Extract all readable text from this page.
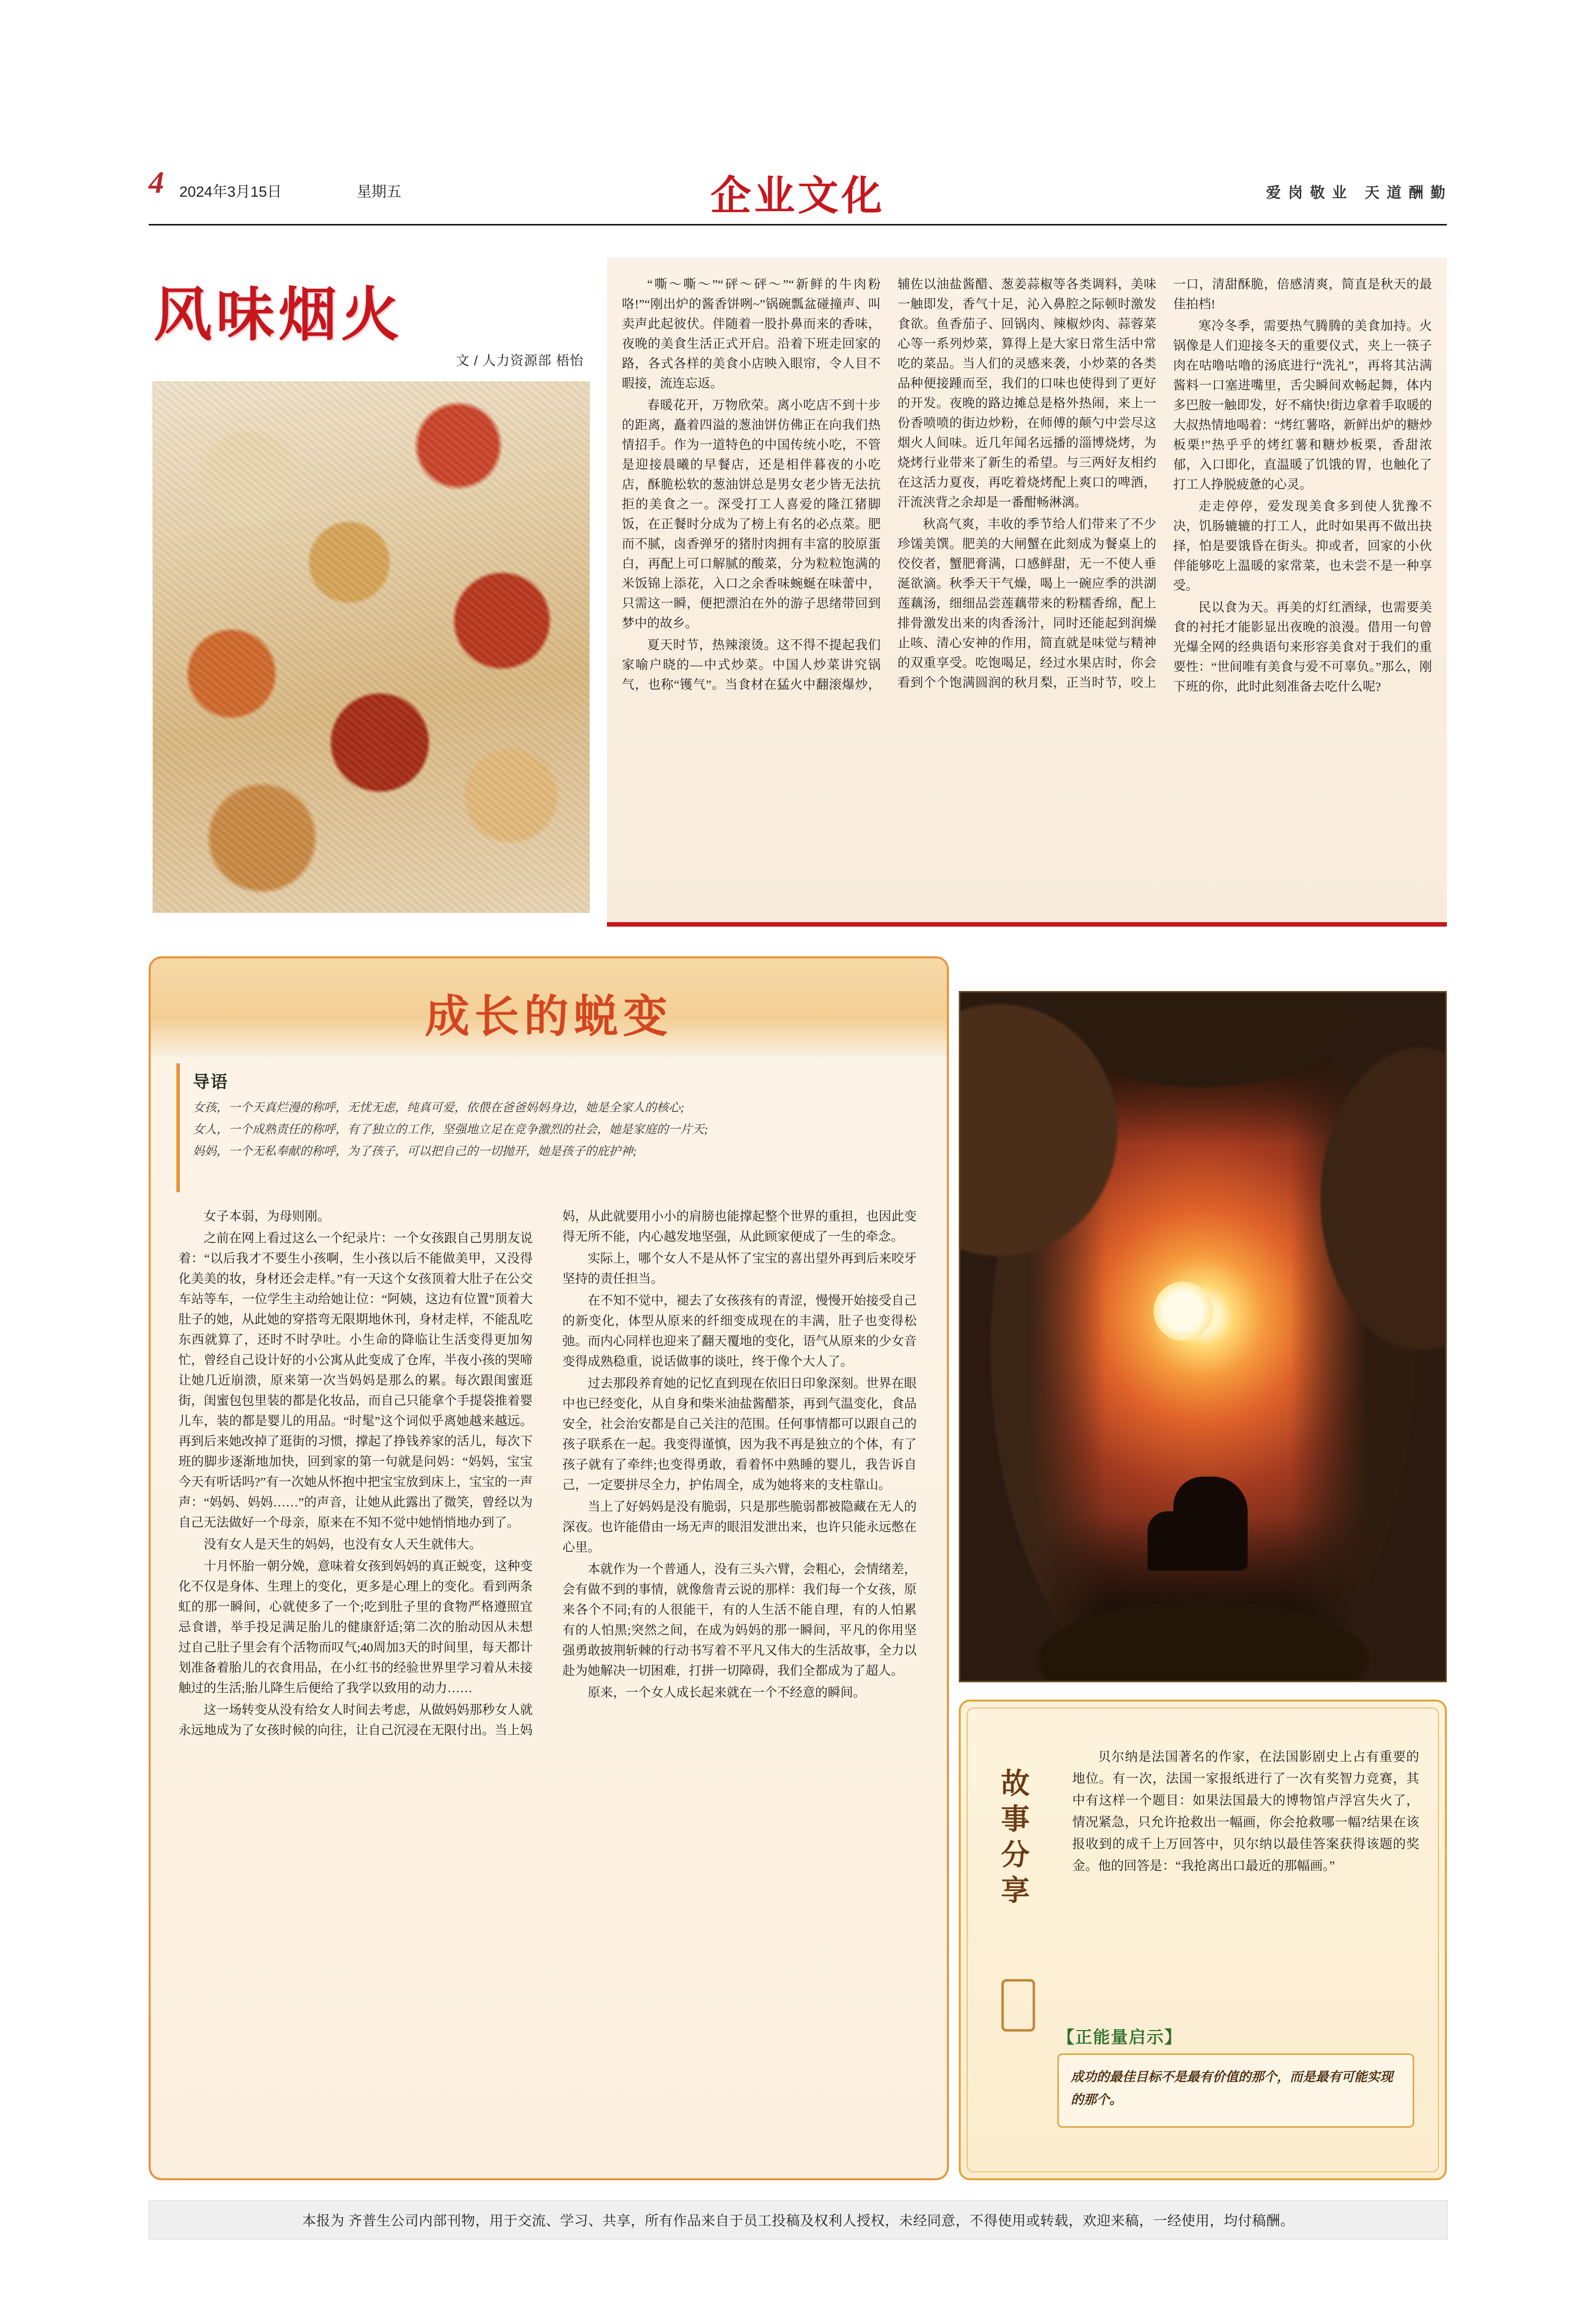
4 2024年3月15日	星期五	企业文化	爱 岗 敬 业　天 道 酬 勤
风味烟火
文 / 人力资源部 梧怡

“嘶～嘶～”“砰～砰～”“新鲜的牛肉粉咯!”“刚出炉的酱香饼咧~”锅碗瓢盆碰撞声、叫卖声此起彼伏。伴随着一股扑鼻而来的香味，夜晚的美食生活正式开启。沿着下班走回家的路，各式各样的美食小店映入眼帘，令人目不暇接，流连忘返。

春暖花开，万物欣荣。离小吃店不到十步的距离，矗着四溢的葱油饼仿佛正在向我们热情招手。作为一道特色的中国传统小吃，不管是迎接晨曦的早餐店，还是相伴暮夜的小吃店，酥脆松软的葱油饼总是男女老少皆无法抗拒的美食之一。深受打工人喜爱的隆江猪脚饭，在正餐时分成为了榜上有名的必点菜。肥而不腻，卤香弹牙的猪肘肉拥有丰富的胶原蛋白，再配上可口解腻的酸菜，分为粒粒饱满的米饭锦上添花，入口之余香味蜿蜒在味蕾中，只需这一瞬，便把漂泊在外的游子思绪带回到梦中的故乡。

夏天时节，热辣滚烫。这不得不提起我们家喻户晓的—中式炒菜。中国人炒菜讲究锅气，也称“镬气”。当食材在猛火中翻滚爆炒，辅佐以油盐酱醋、葱姜蒜椒等各类调料，美味一触即发，香气十足，沁入鼻腔之际顿时激发食欲。鱼香茄子、回锅肉、辣椒炒肉、蒜蓉菜心等一系列炒菜，算得上是大家日常生活中常吃的菜品。当人们的灵感来袭，小炒菜的各类品种便接踵而至，我们的口味也使得到了更好的开发。夜晚的路边摊总是格外热闹，来上一份香喷喷的街边炒粉，在师傅的颠勺中尝尽这烟火人间味。近几年闻名远播的淄博烧烤，为烧烤行业带来了新生的希望。与三两好友相约在这活力夏夜，再吃着烧烤配上爽口的啤酒，汗流浃背之余却是一番酣畅淋漓。

秋高气爽，丰收的季节给人们带来了不少珍馐美馔。肥美的大闸蟹在此刻成为餐桌上的佼佼者，蟹肥膏满，口感鲜甜，无一不使人垂涎欲滴。秋季天干气燥，喝上一碗应季的洪湖莲藕汤，细细品尝莲藕带来的粉糯香绵，配上排骨激发出来的肉香汤汁，同时还能起到润燥止咳、清心安神的作用，简直就是味觉与精神的双重享受。吃饱喝足，经过水果店时，你会看到个个饱满圆润的秋月梨，正当时节，咬上一口，清甜酥脆，倍感清爽，简直是秋天的最佳拍档!

寒冷冬季，需要热气腾腾的美食加持。火锅像是人们迎接冬天的重要仪式，夹上一筷子肉在咕噜咕噜的汤底进行“洗礼”，再将其沾满酱料一口塞进嘴里，舌尖瞬间欢畅起舞，体内多巴胺一触即发，好不痛快!街边拿着手取暖的大叔热情地喝着：“烤红薯咯，新鲜出炉的糖炒板栗!”热乎乎的烤红薯和糖炒板栗，香甜浓郁，入口即化，直温暖了饥饿的胃，也触化了打工人挣脱疲惫的心灵。

走走停停，爱发现美食多到使人犹豫不决，饥肠辘辘的打工人，此时如果再不做出抉择，怕是要饿昏在街头。抑或者，回家的小伙伴能够吃上温暖的家常菜，也未尝不是一种享受。

民以食为天。再美的灯红酒绿，也需要美食的衬托才能影显出夜晚的浪漫。借用一句曾光爆全网的经典语句来形容美食对于我们的重要性：“世间唯有美食与爱不可辜负。”那么，刚下班的你，此时此刻准备去吃什么呢?

成长的蜕变
导语

女孩，一个天真烂漫的称呼，无忧无虑，纯真可爱，依偎在爸爸妈妈身边，她是全家人的核心;

女人，一个成熟责任的称呼，有了独立的工作，坚强地立足在竞争激烈的社会，她是家庭的一片天;

妈妈，一个无私奉献的称呼，为了孩子，可以把自己的一切抛开，她是孩子的庇护神;

女子本弱，为母则刚。

之前在网上看过这么一个纪录片：一个女孩跟自己男朋友说着：“以后我才不要生小孩啊，生小孩以后不能做美甲，又没得化美美的妆，身材还会走样。”有一天这个女孩顶着大肚子在公交车站等车，一位学生主动给她让位：“阿姨，这边有位置”顶着大肚子的她，从此她的穿搭弯无限期地休刊，身材走样，不能乱吃东西就算了，还时不时孕吐。小生命的降临让生活变得更加匆忙，曾经自己设计好的小公寓从此变成了仓库，半夜小孩的哭啼让她几近崩溃，原来第一次当妈妈是那么的累。每次跟闺蜜逛街，闺蜜包包里装的都是化妆品，而自己只能拿个手提袋推着婴儿车，装的都是婴儿的用品。“时髦”这个词似乎离她越来越远。再到后来她改掉了逛街的习惯，撑起了挣钱养家的活儿，每次下班的脚步逐渐地加快，回到家的第一句就是问妈：“妈妈，宝宝今天有听话吗?”有一次她从怀抱中把宝宝放到床上，宝宝的一声声：“妈妈、妈妈……”的声音，让她从此露出了微笑，曾经以为自己无法做好一个母亲，原来在不知不觉中她悄悄地办到了。

没有女人是天生的妈妈，也没有女人天生就伟大。

十月怀胎一朝分娩，意味着女孩到妈妈的真正蜕变，这种变化不仅是身体、生理上的变化，更多是心理上的变化。看到两条虹的那一瞬间，心就使多了一个;吃到肚子里的食物严格遵照宜忌食谱，举手投足满足胎儿的健康舒适;第二次的胎动因从未想过自己肚子里会有个活物而叹气;40周加3天的时间里，每天都计划准备着胎儿的衣食用品，在小红书的经验世界里学习着从未接触过的生活;胎儿降生后便给了我学以致用的动力……

这一场转变从没有给女人时间去考虑，从做妈妈那秒女人就永远地成为了女孩时候的向往，让自己沉浸在无限付出。当上妈妈，从此就要用小小的肩膀也能撑起整个世界的重担，也因此变得无所不能，内心越发地坚强，从此顾家便成了一生的牵念。

实际上，哪个女人不是从怀了宝宝的喜出望外再到后来咬牙坚持的责任担当。

在不知不觉中，褪去了女孩孩有的青涩，慢慢开始接受自己的新变化，体型从原来的纤细变成现在的丰满，肚子也变得松弛。而内心同样也迎来了翻天覆地的变化，语气从原来的少女音变得成熟稳重，说话做事的谈吐，终于像个大人了。

过去那段养育她的记忆直到现在依旧日印象深刻。世界在眼中也已经变化，从自身和柴米油盐酱醋茶，再到气温变化，食品安全，社会治安都是自己关注的范围。任何事情都可以跟自己的孩子联系在一起。我变得谨慎，因为我不再是独立的个体，有了孩子就有了牵绊;也变得勇敢，看着怀中熟睡的婴儿，我告诉自己，一定要拼尽全力，护佑周全，成为她将来的支柱靠山。

当上了好妈妈是没有脆弱，只是那些脆弱都被隐藏在无人的深夜。也许能借由一场无声的眼泪发泄出来，也许只能永远憋在心里。

本就作为一个普通人，没有三头六臂，会粗心，会情绪差，会有做不到的事情，就像詹青云说的那样：我们每一个女孩，原来各个不同;有的人很能干，有的人生活不能自理，有的人怕累有的人怕黑;突然之间，在成为妈妈的那一瞬间，平凡的你用坚强勇敢披荆斩棘的行动书写着不平凡又伟大的生活故事，全力以赴为她解决一切困难，打拼一切障碍，我们全都成为了超人。

原来，一个女人成长起来就在一个不经意的瞬间。

故事分享
贝尔纳是法国著名的作家，在法国影剧史上占有重要的地位。有一次，法国一家报纸进行了一次有奖智力竞赛，其中有这样一个题目：如果法国最大的博物馆卢浮宫失火了，情况紧急，只允许抢救出一幅画，你会抢救哪一幅?结果在该报收到的成千上万回答中，贝尔纳以最佳答案获得该题的奖金。他的回答是：“我抢离出口最近的那幅画。”
【正能量启示】

成功的最佳目标不是最有价值的那个，而是最有可能实现的那个。

本报为 齐普生公司内部刊物，用于交流、学习、共享，所有作品来自于员工投稿及权利人授权，未经同意，不得使用或转载，欢迎来稿，一经使用，均付稿酬。
